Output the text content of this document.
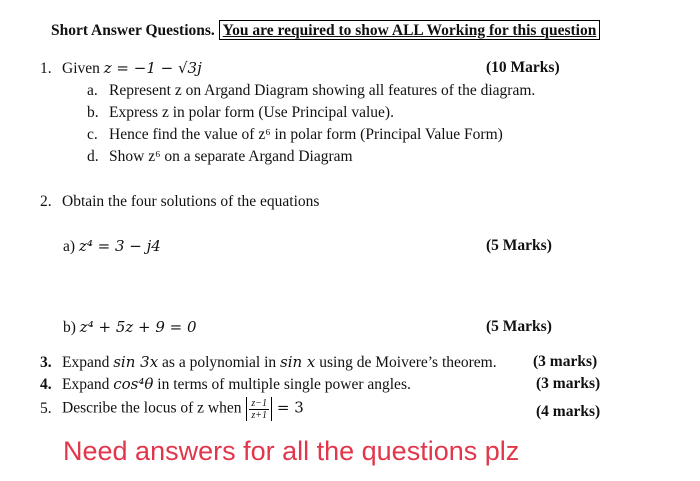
Short Answer Questions. You are required to show ALL Working for this question
1. Given z = −1 − √3j	(10 Marks)
a. Represent z on Argand Diagram showing all features of the diagram.
b. Express z in polar form (Use Principal value).
c. Hence find the value of z⁶ in polar form (Principal Value Form)
d. Show z⁶ on a separate Argand Diagram
2. Obtain the four solutions of the equations
a) z⁴ = 3 − j4	(5 Marks)
b) z⁴ + 5z + 9 = 0	(5 Marks)
3. Expand sin 3x as a polynomial in sin x using de Moivere’s theorem. (3 marks)
4. Expand cos⁴θ in terms of multiple single power angles.	(3 marks)
5. Describe the locus of z when $\frac{z-1}{z+1} = 3$	(4 marks)
Need answers for all the questions plz
